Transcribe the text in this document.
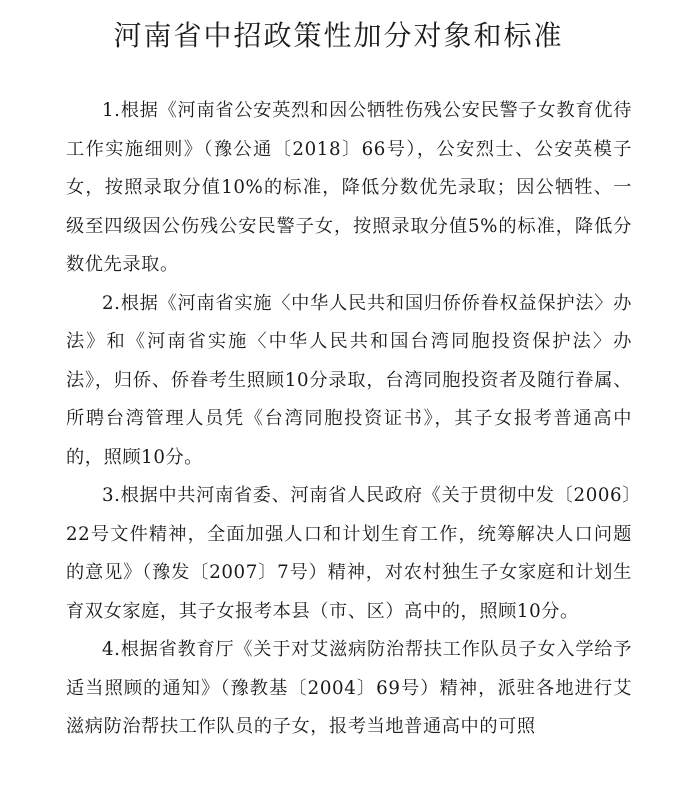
河南省中招政策性加分对象和标准

1.根据《河南省公安英烈和因公牺牲伤残公安民警子女教育优待工作实施细则》（豫公通〔2018〕66号），公安烈士、公安英模子女，按照录取分值10%的标准，降低分数优先录取；因公牺牲、一级至四级因公伤残公安民警子女，按照录取分值5%的标准，降低分数优先录取。

2.根据《河南省实施〈中华人民共和国归侨侨眷权益保护法〉办法》和《河南省实施〈中华人民共和国台湾同胞投资保护法〉办法》，归侨、侨眷考生照顾10分录取，台湾同胞投资者及随行眷属、所聘台湾管理人员凭《台湾同胞投资证书》，其子女报考普通高中的，照顾10分。

3.根据中共河南省委、河南省人民政府《关于贯彻中发〔2006〕22号文件精神，全面加强人口和计划生育工作，统筹解决人口问题的意见》（豫发〔2007〕7号）精神，对农村独生子女家庭和计划生育双女家庭，其子女报考本县（市、区）高中的，照顾10分。

4.根据省教育厅《关于对艾滋病防治帮扶工作队员子女入学给予适当照顾的通知》（豫教基〔2004〕69号）精神，派驻各地进行艾滋病防治帮扶工作队员的子女，报考当地普通高中的可照
